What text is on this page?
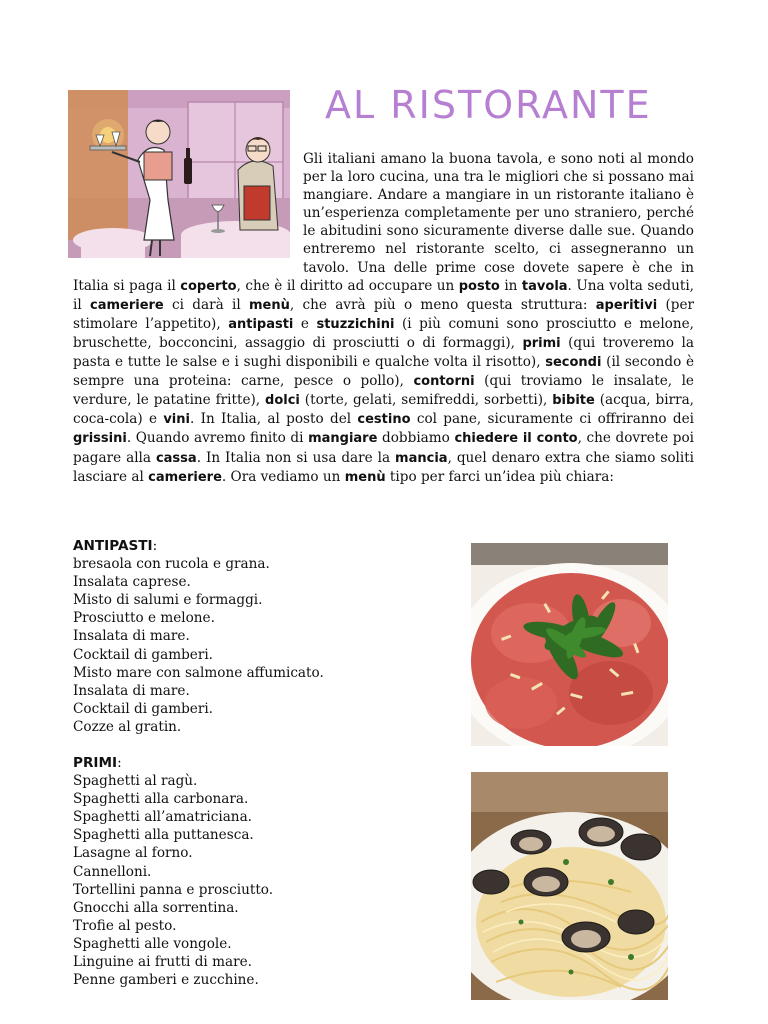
AL RISTORANTE

Gli italiani amano la buona tavola, e sono noti al mondo per la loro cucina, una tra le migliori che si possano mai mangiare. Andare a mangiare in un ristorante italiano è un’esperienza completamente per uno straniero, perché le abitudini sono sicuramente diverse dalle sue. Quando entreremo nel ristorante scelto, ci assegneranno un tavolo. Una delle prime cose dovete sapere è che in Italia si paga il coperto, che è il diritto ad occupare un posto in tavola. Una volta seduti, il cameriere ci darà il menù, che avrà più o meno questa struttura: aperitivi (per stimolare l’appetito), antipasti e stuzzichini (i più comuni sono prosciutto e melone, bruschette, bocconcini, assaggio di prosciutti o di formaggi), primi (qui troveremo la pasta e tutte le salse e i sughi disponibili e qualche volta il risotto), secondi (il secondo è sempre una proteina: carne, pesce o pollo), contorni (qui troviamo le insalate, le verdure, le patatine fritte), dolci (torte, gelati, semifreddi, sorbetti), bibite (acqua, birra, coca-cola) e vini. In Italia, al posto del cestino col pane, sicuramente ci offriranno dei grissini. Quando avremo finito di mangiare dobbiamo chiedere il conto, che dovrete poi pagare alla cassa. In Italia non si usa dare la mancia, quel denaro extra che siamo soliti lasciare al cameriere. Ora vediamo un menù tipo per farci un’idea più chiara:

ANTIPASTI:
bresaola con rucola e grana.
Insalata caprese.
Misto di salumi e formaggi.
Prosciutto e melone.
Insalata di mare.
Cocktail di gamberi.
Misto mare con salmone affumicato.
Insalata di mare.
Cocktail di gamberi.
Cozze al gratin.
PRIMI:
Spaghetti al ragù.
Spaghetti alla carbonara.
Spaghetti all’amatriciana.
Spaghetti alla puttanesca.
Lasagne al forno.
Cannelloni.
Tortellini panna e prosciutto.
Gnocchi alla sorrentina.
Trofie al pesto.
Spaghetti alle vongole.
Linguine ai frutti di mare.
Penne gamberi e zucchine.
